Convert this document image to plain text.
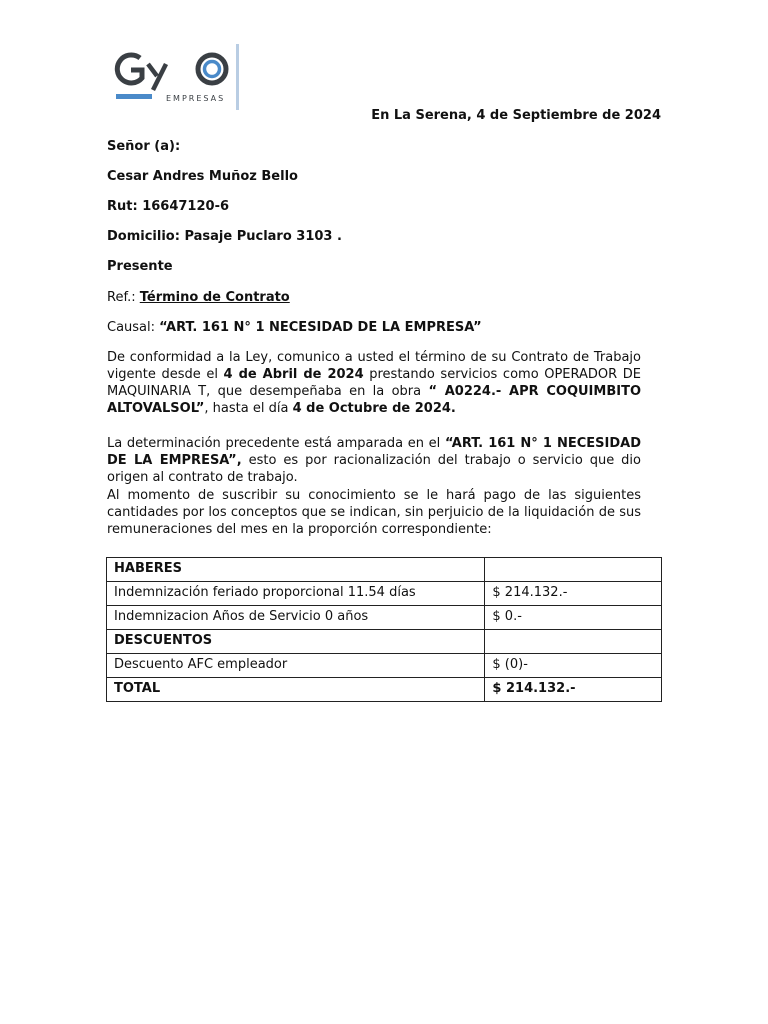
EMPRESAS
En La Serena, 4 de Septiembre de 2024
Señor (a):
Cesar Andres Muñoz Bello
Rut: 16647120-6
Domicilio: Pasaje Puclaro 3103 .
Presente
Ref.: Término de Contrato
Causal: “ART. 161 N° 1 NECESIDAD DE LA EMPRESA”
De conformidad a la Ley, comunico a usted el término de su Contrato de Trabajo vigente desde el 4 de Abril de 2024 prestando servicios como OPERADOR DE MAQUINARIA T, que desempeñaba en la obra “ A0224.- APR COQUIMBITO ALTOVALSOL”, hasta el día 4 de Octubre de 2024.
La determinación precedente está amparada en el “ART. 161 N° 1 NECESIDAD DE LA EMPRESA”, esto es por racionalización del trabajo o servicio que dio origen al contrato de trabajo.
Al momento de suscribir su conocimiento se le hará pago de las siguientes cantidades por los conceptos que se indican, sin perjuicio de la liquidación de sus remuneraciones del mes en la proporción correspondiente:
HABERES	
Indemnización feriado proporcional 11.54 días	$ 214.132.-
Indemnizacion Años de Servicio 0 años	$ 0.-
DESCUENTOS	
Descuento AFC empleador	$ (0)-
TOTAL	$ 214.132.-
